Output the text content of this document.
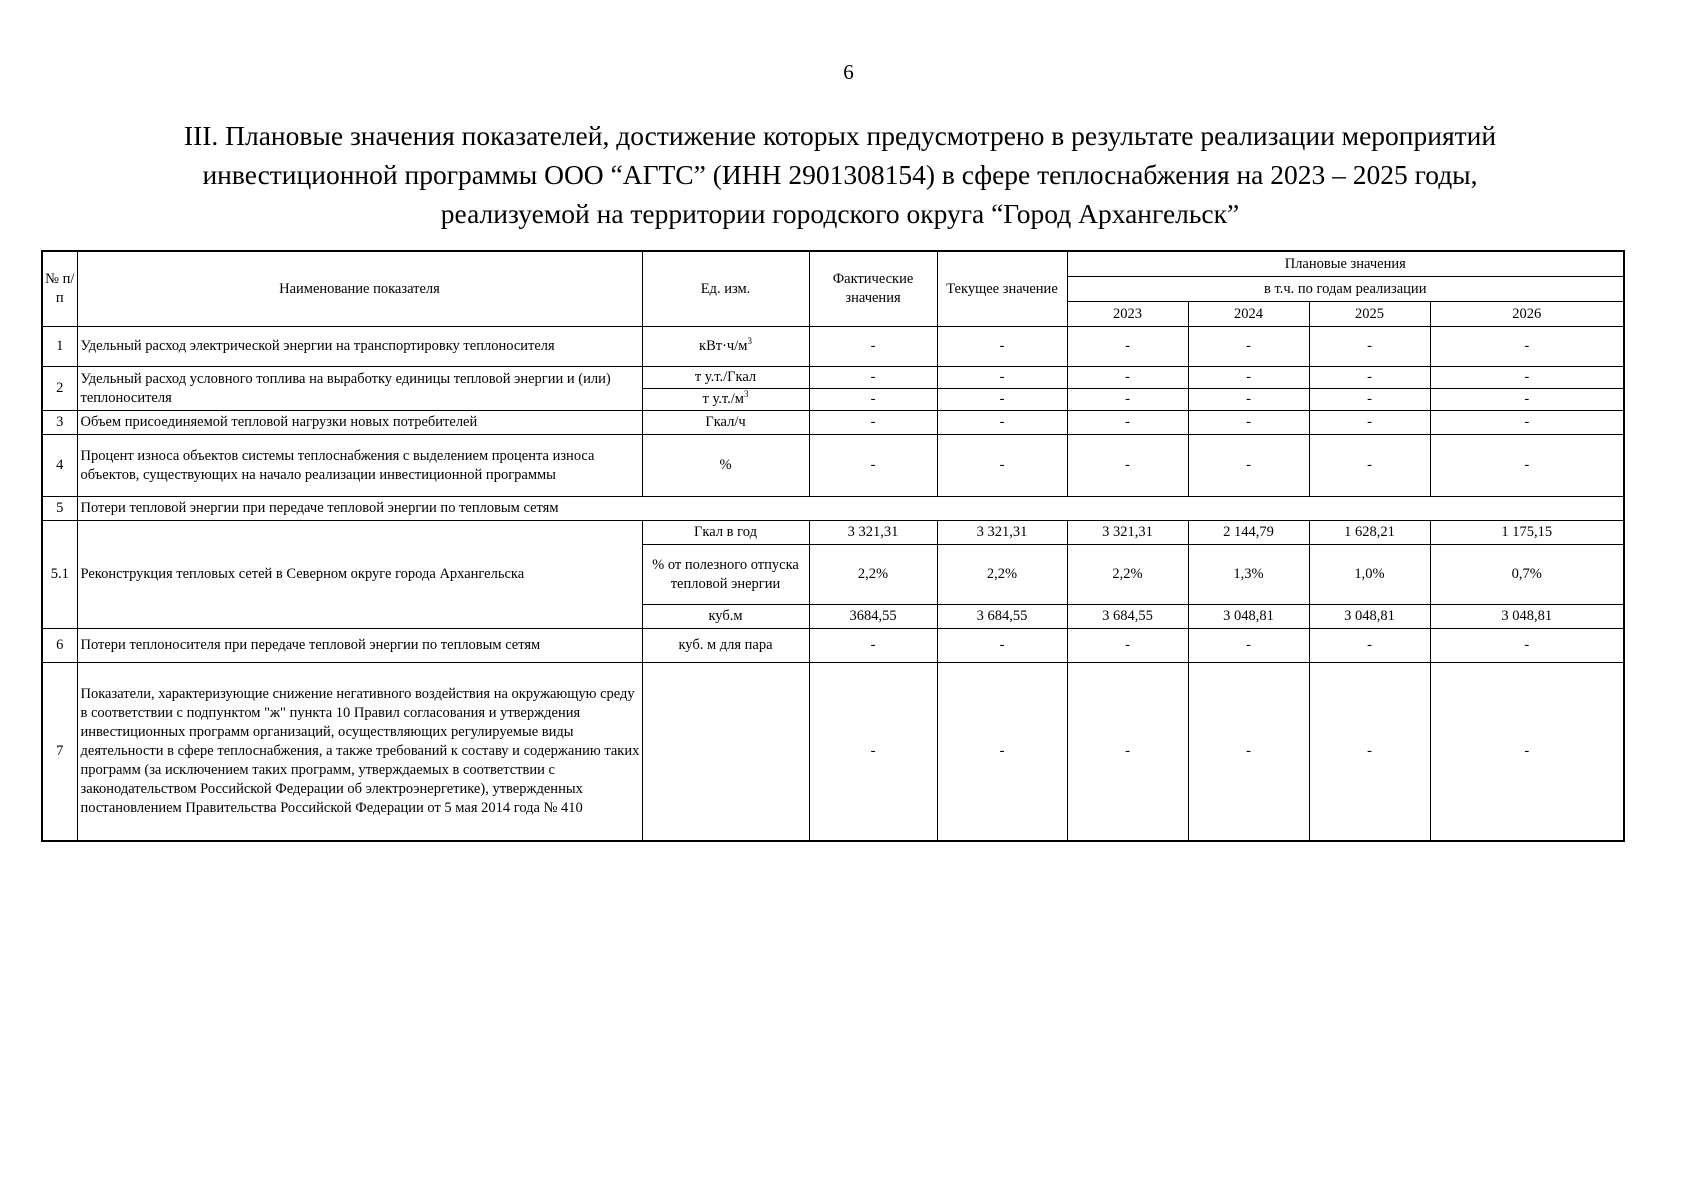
6
III. Плановые значения показателей, достижение которых предусмотрено в результате реализации мероприятий
инвестиционной программы ООО “АГТС” (ИНН 2901308154) в сфере теплоснабжения на 2023 – 2025 годы,
реализуемой на территории городского округа “Город Архангельск”
№ п/п	Наименование показателя	Ед. изм.	Фактические значения	Текущее значение	Плановые значения			
					в т.ч. по годам реализации			
					2023	2024	2025	2026
1	Удельный расход электрической энергии на транспортировку теплоносителя	$кВт\cdot ч/м^3$	-	-	-	-	-	-
2	Удельный расход условного топлива на выработку единицы тепловой энергии и (или) теплоносителя	т у.т./Гкал	-	-	-	-	-	-
		т $у.т./м^3$	-	-	-	-	-	-
3	Объем присоединяемой тепловой нагрузки новых потребителей	Гкал/ч	-	-	-	-	-	-
4	Процент износа объектов системы теплоснабжения с выделением процента износа объектов, существующих на начало реализации инвестиционной программы	%	-	-	-	-	-	-
5	Потери тепловой энергии при передаче тепловой энергии по тепловым сетям							
5.1	Реконструкция тепловых сетей в Северном округе города Архангельска	Гкал в год	3 321,31	3 321,31	3 321,31	2 144,79	1 628,21	1 175,15
		% от полезного отпуска тепловой энергии	2,2%	2,2%	2,2%	1,3%	1,0%	0,7%
		куб.м	3684,55	3 684,55	3 684,55	3 048,81	3 048,81	3 048,81
6	Потери теплоносителя при передаче тепловой энергии по тепловым сетям	куб. м для пара	-	-	-	-	-	-
7	Показатели, характеризующие снижение негативного воздействия на окружающую среду в соответствии с подпунктом "ж" пункта 10 Правил согласования и утверждения инвестиционных программ организаций, осуществляющих регулируемые виды деятельности в сфере теплоснабжения, а также требований к составу и содержанию таких программ (за исключением таких программ, утверждаемых в соответствии с законодательством Российской Федерации об электроэнергетике), утвержденных постановлением Правительства Российской Федерации от 5 мая 2014 года № 410		-	-	-	-	-	-
